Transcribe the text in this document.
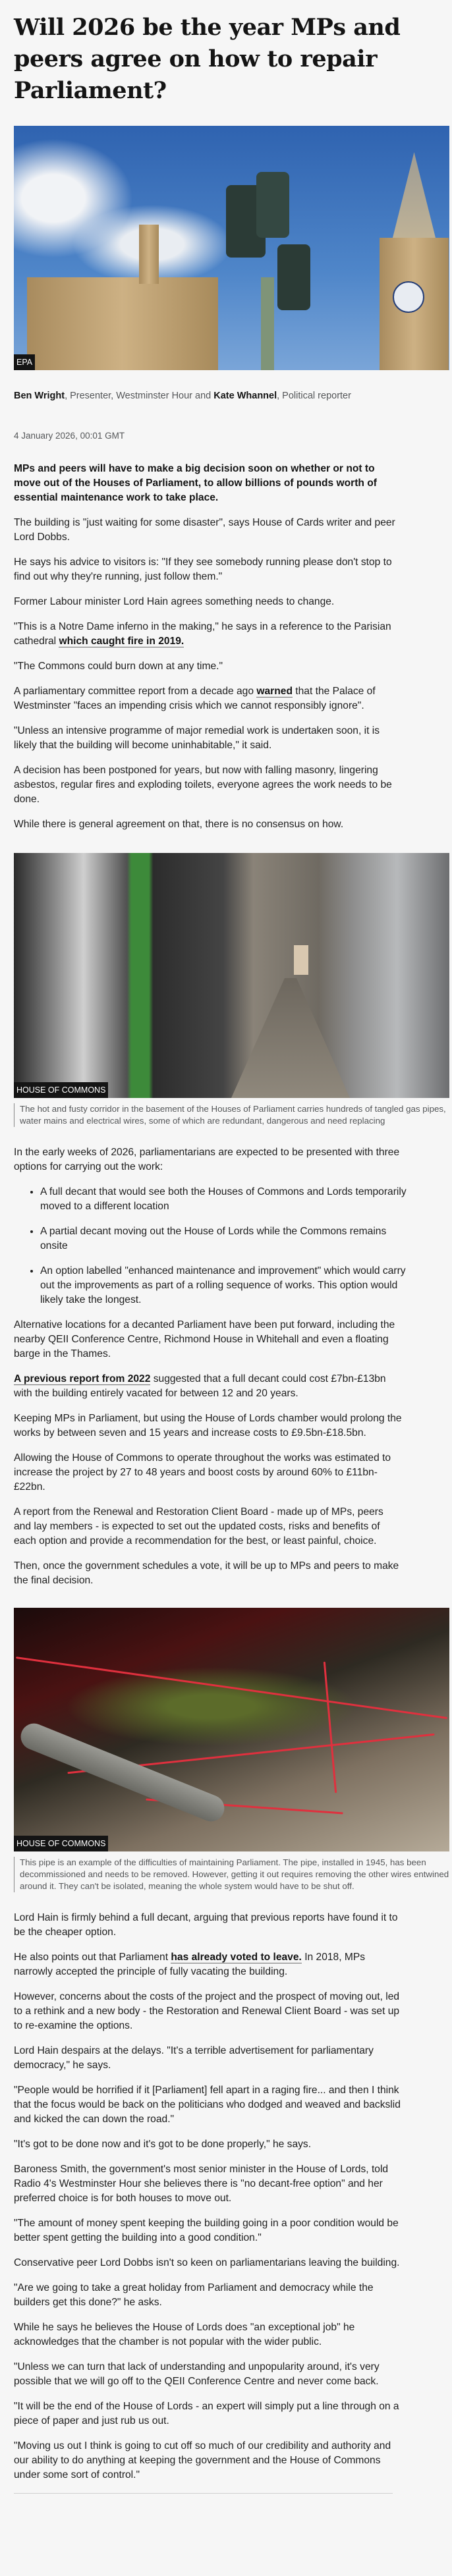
Will 2026 be the year MPs and peers agree on how to repair Parliament?
EPA
Ben Wright, Presenter, Westminster Hour and Kate Whannel, Political reporter
4 January 2026, 00:01 GMT

MPs and peers will have to make a big decision soon on whether or not to move out of the Houses of Parliament, to allow billions of pounds worth of essential maintenance work to take place.

The building is "just waiting for some disaster", says House of Cards writer and peer Lord Dobbs.

He says his advice to visitors is: "If they see somebody running please don't stop to find out why they're running, just follow them."

Former Labour minister Lord Hain agrees something needs to change.

"This is a Notre Dame inferno in the making," he says in a reference to the Parisian cathedral which caught fire in 2019.

"The Commons could burn down at any time."

A parliamentary committee report from a decade ago warned that the Palace of Westminster "faces an impending crisis which we cannot responsibly ignore".

"Unless an intensive programme of major remedial work is undertaken soon, it is likely that the building will become uninhabitable," it said.

A decision has been postponed for years, but now with falling masonry, lingering asbestos, regular fires and exploding toilets, everyone agrees the work needs to be done.

While there is general agreement on that, there is no consensus on how.

HOUSE OF COMMONS
The hot and fusty corridor in the basement of the Houses of Parliament carries hundreds of tangled gas pipes, water mains and electrical wires, some of which are redundant, dangerous and need replacing

In the early weeks of 2026, parliamentarians are expected to be presented with three options for carrying out the work:

• A full decant that would see both the Houses of Commons and Lords temporarily moved to a different location
• A partial decant moving out the House of Lords while the Commons remains onsite
• An option labelled "enhanced maintenance and improvement" which would carry out the improvements as part of a rolling sequence of works. This option would likely take the longest.

Alternative locations for a decanted Parliament have been put forward, including the nearby QEII Conference Centre, Richmond House in Whitehall and even a floating barge in the Thames.

A previous report from 2022 suggested that a full decant could cost £7bn-£13bn with the building entirely vacated for between 12 and 20 years.

Keeping MPs in Parliament, but using the House of Lords chamber would prolong the works by between seven and 15 years and increase costs to £9.5bn-£18.5bn.

Allowing the House of Commons to operate throughout the works was estimated to increase the project by 27 to 48 years and boost costs by around 60% to £11bn-£22bn.

A report from the Renewal and Restoration Client Board - made up of MPs, peers and lay members - is expected to set out the updated costs, risks and benefits of each option and provide a recommendation for the best, or least painful, choice.

Then, once the government schedules a vote, it will be up to MPs and peers to make the final decision.

HOUSE OF COMMONS
This pipe is an example of the difficulties of maintaining Parliament. The pipe, installed in 1945, has been decommissioned and needs to be removed. However, getting it out requires removing the other wires entwined around it. They can't be isolated, meaning the whole system would have to be shut off.

Lord Hain is firmly behind a full decant, arguing that previous reports have found it to be the cheaper option.

He also points out that Parliament has already voted to leave. In 2018, MPs narrowly accepted the principle of fully vacating the building.

However, concerns about the costs of the project and the prospect of moving out, led to a rethink and a new body - the Restoration and Renewal Client Board - was set up to re-examine the options.

Lord Hain despairs at the delays. "It's a terrible advertisement for parliamentary democracy," he says.

"People would be horrified if it [Parliament] fell apart in a raging fire... and then I think that the focus would be back on the politicians who dodged and weaved and backslid and kicked the can down the road."

"It's got to be done now and it's got to be done properly," he says.

Baroness Smith, the government's most senior minister in the House of Lords, told Radio 4's Westminster Hour she believes there is "no decant-free option" and her preferred choice is for both houses to move out.

"The amount of money spent keeping the building going in a poor condition would be better spent getting the building into a good condition."

Conservative peer Lord Dobbs isn't so keen on parliamentarians leaving the building.

"Are we going to take a great holiday from Parliament and democracy while the builders get this done?" he asks.

While he says he believes the House of Lords does "an exceptional job" he acknowledges that the chamber is not popular with the wider public.

"Unless we can turn that lack of understanding and unpopularity around, it's very possible that we will go off to the QEII Conference Centre and never come back.

"It will be the end of the House of Lords - an expert will simply put a line through on a piece of paper and just rub us out.

"Moving us out I think is going to cut off so much of our credibility and authority and our ability to do anything at keeping the government and the House of Commons under some sort of control."
